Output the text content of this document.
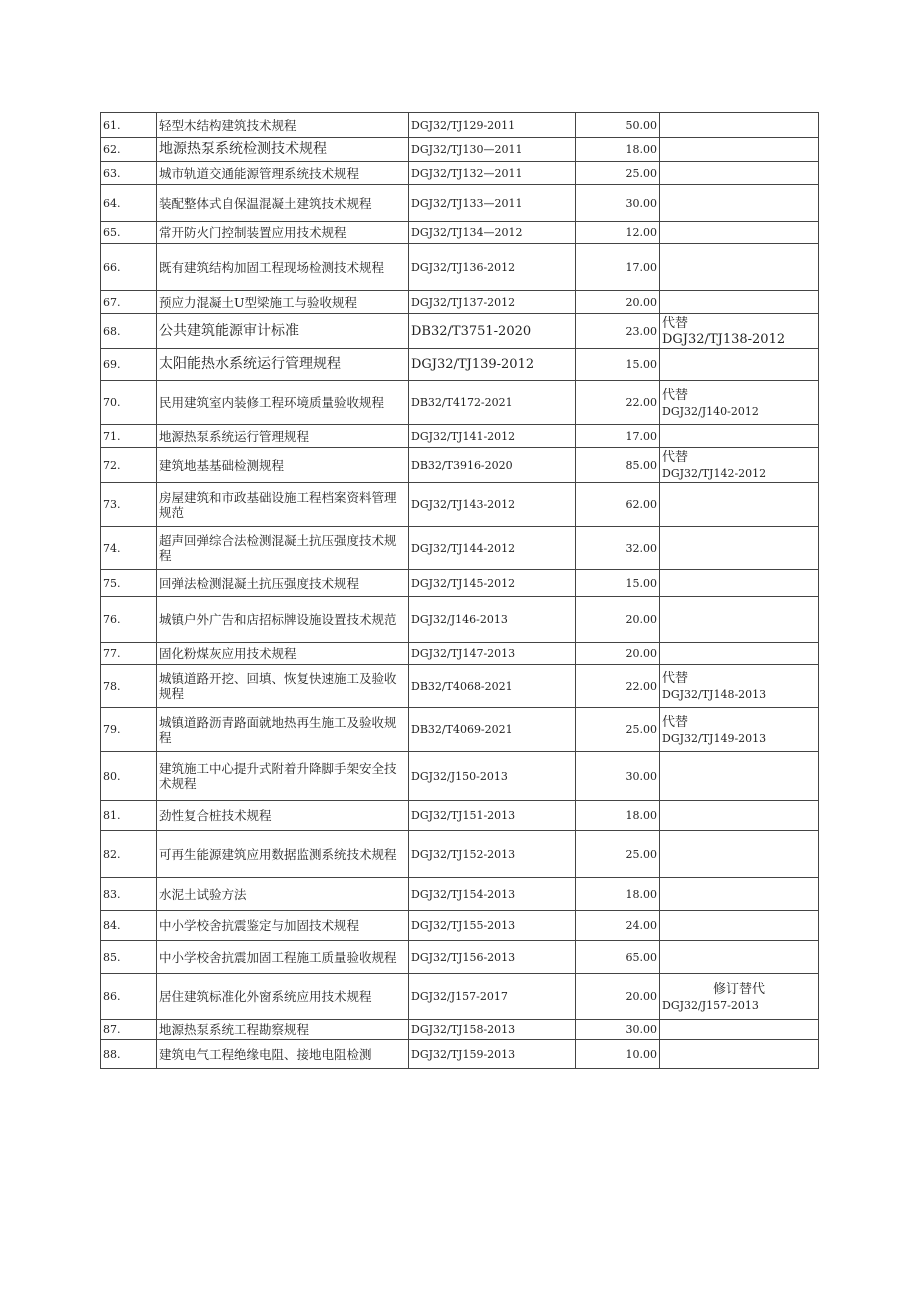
61.	轻型木结构建筑技术规程	DGJ32/TJ129-2011	50.00	
62.	地源热泵系统检测技术规程	DGJ32/TJ130—2011	18.00	
63.	城市轨道交通能源管理系统技术规程	DGJ32/TJ132—2011	25.00	
64.	装配整体式自保温混凝土建筑技术规程	DGJ32/TJ133—2011	30.00	
65.	常开防火门控制装置应用技术规程	DGJ32/TJ134—2012	12.00	
66.	既有建筑结构加固工程现场检测技术规程	DGJ32/TJ136-2012	17.00	
67.	预应力混凝土U型梁施工与验收规程	DGJ32/TJ137-2012	20.00	
68.	公共建筑能源审计标准	DB32/T3751-2020	23.00	代替
DGJ32/TJ138-2012

69.	太阳能热水系统运行管理规程	DGJ32/TJ139-2012	15.00	
70.	民用建筑室内装修工程环境质量验收规程	DB32/T4172-2021	22.00	代替
DGJ32/J140-2012

71.	地源热泵系统运行管理规程	DGJ32/TJ141-2012	17.00	
72.	建筑地基基础检测规程	DB32/T3916-2020	85.00	代替
DGJ32/TJ142-2012

73.	房屋建筑和市政基础设施工程档案资料管理规范	DGJ32/TJ143-2012	62.00	
74.	超声回弹综合法检测混凝土抗压强度技术规程	DGJ32/TJ144-2012	32.00	
75.	回弹法检测混凝土抗压强度技术规程	DGJ32/TJ145-2012	15.00	
76.	城镇户外广告和店招标牌设施设置技术规范	DGJ32/J146-2013	20.00	
77.	固化粉煤灰应用技术规程	DGJ32/TJ147-2013	20.00	
78.	城镇道路开挖、回填、恢复快速施工及验收规程	DB32/T4068-2021	22.00	代替
DGJ32/TJ148-2013

79.	城镇道路沥青路面就地热再生施工及验收规程	DB32/T4069-2021	25.00	代替
DGJ32/TJ149-2013

80.	建筑施工中心提升式附着升降脚手架安全技术规程	DGJ32/J150-2013	30.00	
81.	劲性复合桩技术规程	DGJ32/TJ151-2013	18.00	
82.	可再生能源建筑应用数据监测系统技术规程	DGJ32/TJ152-2013	25.00	
83.	水泥土试验方法	DGJ32/TJ154-2013	18.00	
84.	中小学校舍抗震鉴定与加固技术规程	DGJ32/TJ155-2013	24.00	
85.	中小学校舍抗震加固工程施工质量验收规程	DGJ32/TJ156-2013	65.00	
86.	居住建筑标准化外窗系统应用技术规程	DGJ32/J157-2017	20.00	修订替代
DGJ32/J157-2013

87.	地源热泵系统工程勘察规程	DGJ32/TJ158-2013	30.00	
88.	建筑电气工程绝缘电阻、接地电阻检测	DGJ32/TJ159-2013	10.00	
